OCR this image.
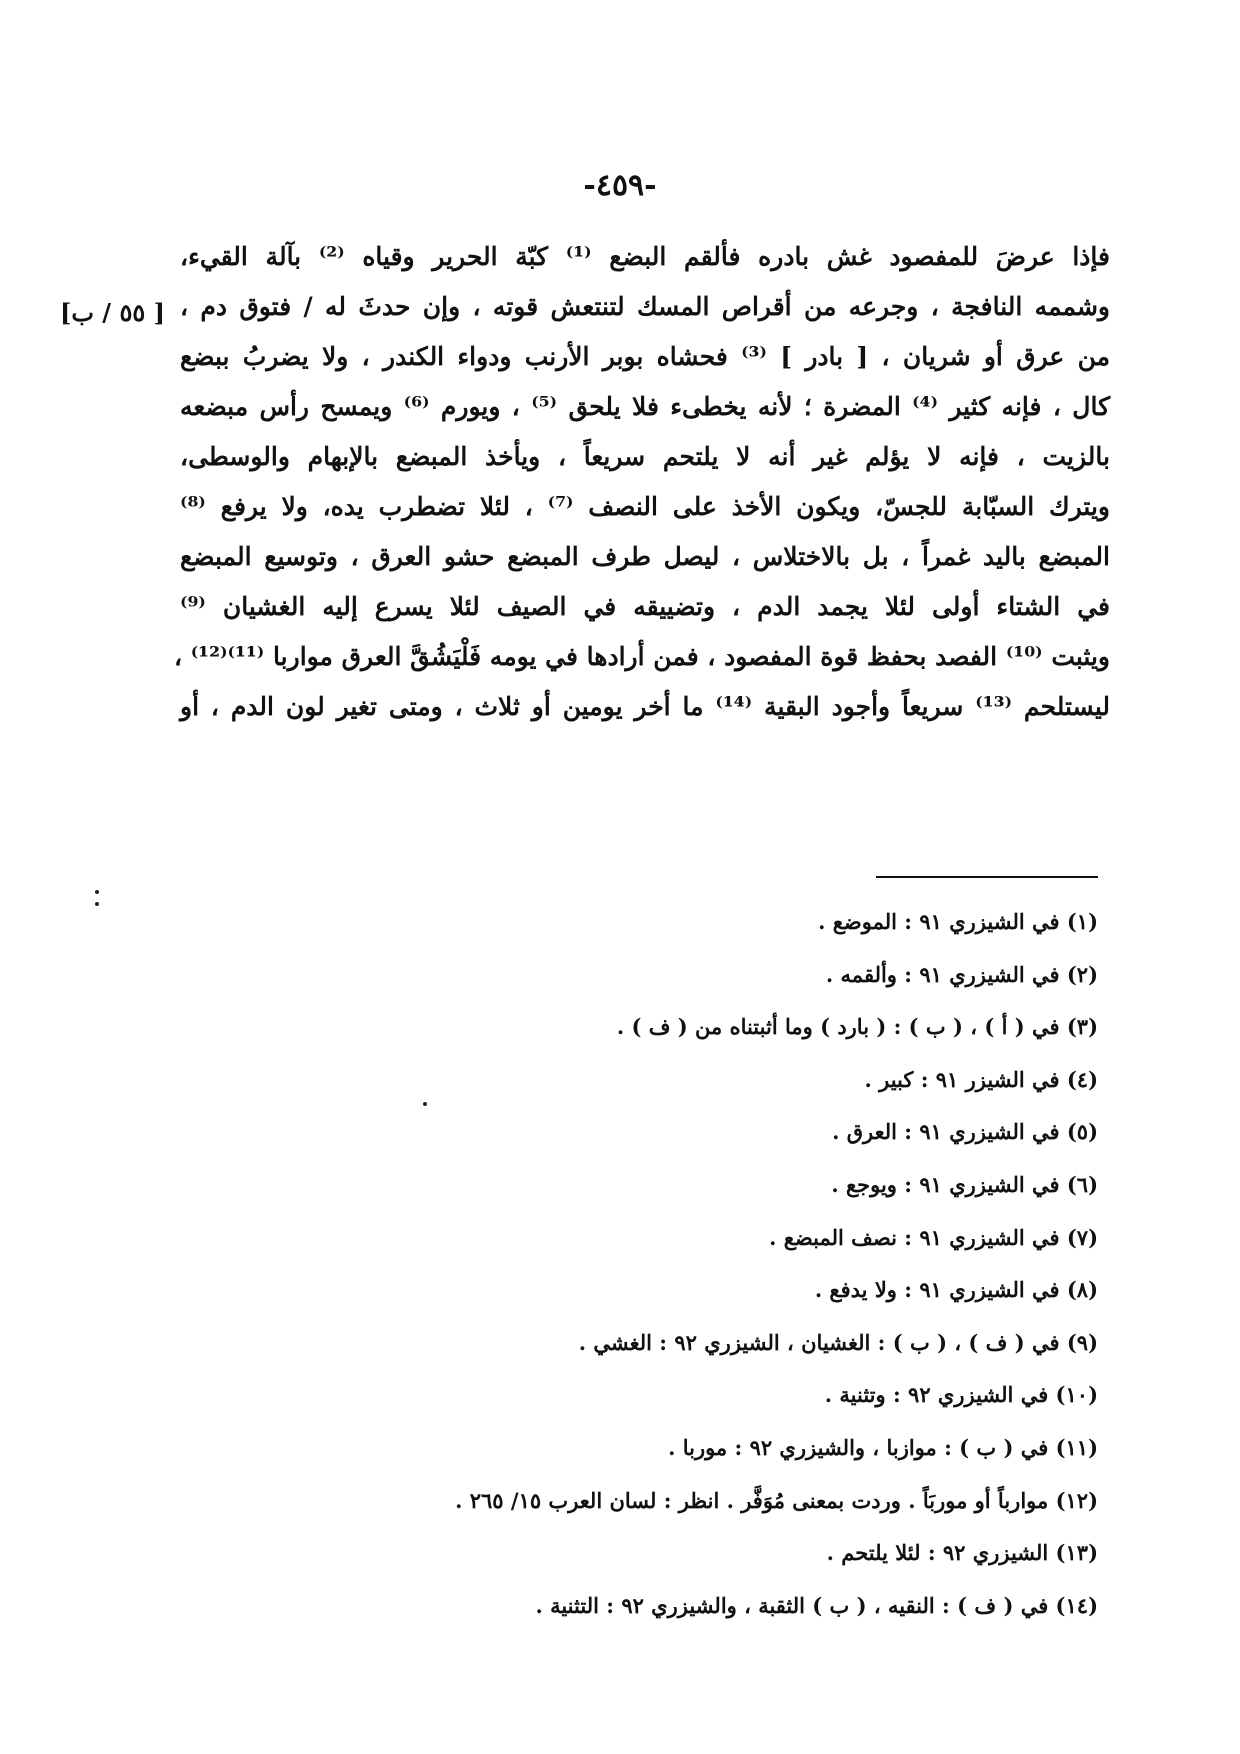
-٤٥٩-
[ ٥٥ / ب]
فإذا عرضَ للمفصود غش بادره فألقم البضع ⁽¹⁾ كبّة الحرير وقياه ⁽²⁾ بآلة القيء،
وشممه النافجة ، وجرعه من أقراص المسك لتنتعش قوته ، وإن حدثَ له / فتوق دم ،
من عرق أو شريان ، [ بادر ] ⁽³⁾ فحشاه بوبر الأرنب ودواء الكندر ، ولا يضربُ ببضع
كال ، فإنه كثير ⁽⁴⁾ المضرة ؛ لأنه يخطىء فلا يلحق ⁽⁵⁾ ، ويورم ⁽⁶⁾ ويمسح رأس مبضعه
بالزيت ، فإنه لا يؤلم غير أنه لا يلتحم سريعاً ، ويأخذ المبضع بالإبهام والوسطى،
ويترك السبّابة للجسّ، ويكون الأخذ على النصف ⁽⁷⁾ ، لئلا تضطرب يده، ولا يرفع ⁽⁸⁾
المبضع باليد غمراً ، بل بالاختلاس ، ليصل طرف المبضع حشو العرق ، وتوسيع المبضع
في الشتاء أولى لئلا يجمد الدم ، وتضييقه في الصيف لئلا يسرع إليه الغشيان ⁽⁹⁾
ويثبت ⁽¹⁰⁾ الفصد بحفظ قوة المفصود ، فمن أرادها في يومه فَلْيَشُقَّ العرق مواربا ⁽¹¹⁾⁽¹²⁾ ،
ليستلحم ⁽¹³⁾ سريعاً وأجود البقية ⁽¹⁴⁾ ما أخر يومين أو ثلاث ، ومتى تغير لون الدم ، أو
(١) في الشيزري ٩١ : الموضع .
(٢) في الشيزري ٩١ : وألقمه .
(٣) في ( أ ) ، ( ب ) : ( بارد ) وما أثبتناه من ( ف ) .
(٤) في الشيزر ٩١ : كبير .
(٥) في الشيزري ٩١ : العرق .
(٦) في الشيزري ٩١ : ويوجع .
(٧) في الشيزري ٩١ : نصف المبضع .
(٨) في الشيزري ٩١ : ولا يدفع .
(٩) في ( ف ) ، ( ب ) : الغشيان ، الشيزري ٩٢ : الغشي .
(١٠) في الشيزري ٩٢ : وتثنية .
(١١) في ( ب ) : موازبا ، والشيزري ٩٢ : موربا .
(١٢) موارباً أو موربَاً . وردت بمعنى مُوَفَّر . انظر : لسان العرب ١٥/ ٢٦٥ .
(١٣) الشيزري ٩٢ : لئلا يلتحم .
(١٤) في ( ف ) : النقيه ، ( ب ) الثقبة ، والشيزري ٩٢ : التثنية .
